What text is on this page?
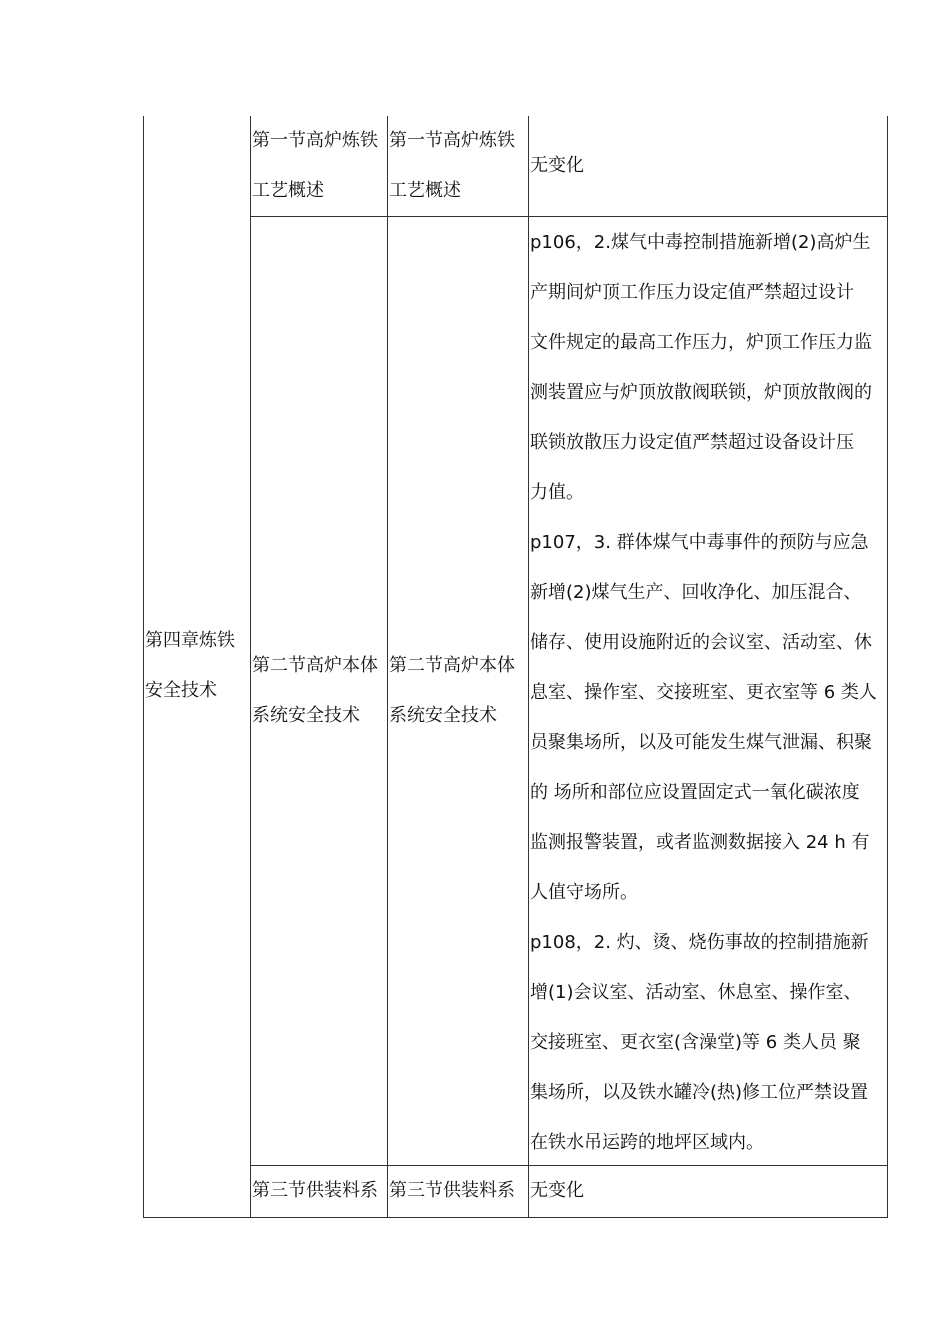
第四章炼铁
安全技术
第一节高炉炼铁
工艺概述
第一节高炉炼铁
工艺概述
无变化
第二节高炉本体
系统安全技术
第二节高炉本体
系统安全技术
p106，2.煤气中毒控制措施新增(2)高炉生
产期间炉顶工作压力设定值严禁超过设计
文件规定的最高工作压力，炉顶工作压力监
测装置应与炉顶放散阀联锁，炉顶放散阀的
联锁放散压力设定值严禁超过设备设计压
力值。
p107，3. 群体煤气中毒事件的预防与应急
新增(2)煤气生产、回收净化、加压混合、
储存、使用设施附近的会议室、活动室、休
息室、操作室、交接班室、更衣室等 6 类人
员聚集场所，以及可能发生煤气泄漏、积聚
的 场所和部位应设置固定式一氧化碳浓度
监测报警装置，或者监测数据接入 24 h 有
人值守场所。
p108，2. 灼、烫、烧伤事故的控制措施新
增(1)会议室、活动室、休息室、操作室、
交接班室、更衣室(含澡堂)等 6 类人员 聚
集场所，以及铁水罐冷(热)修工位严禁设置
在铁水吊运跨的地坪区域内。
第三节供装料系 第三节供装料系 无变化
